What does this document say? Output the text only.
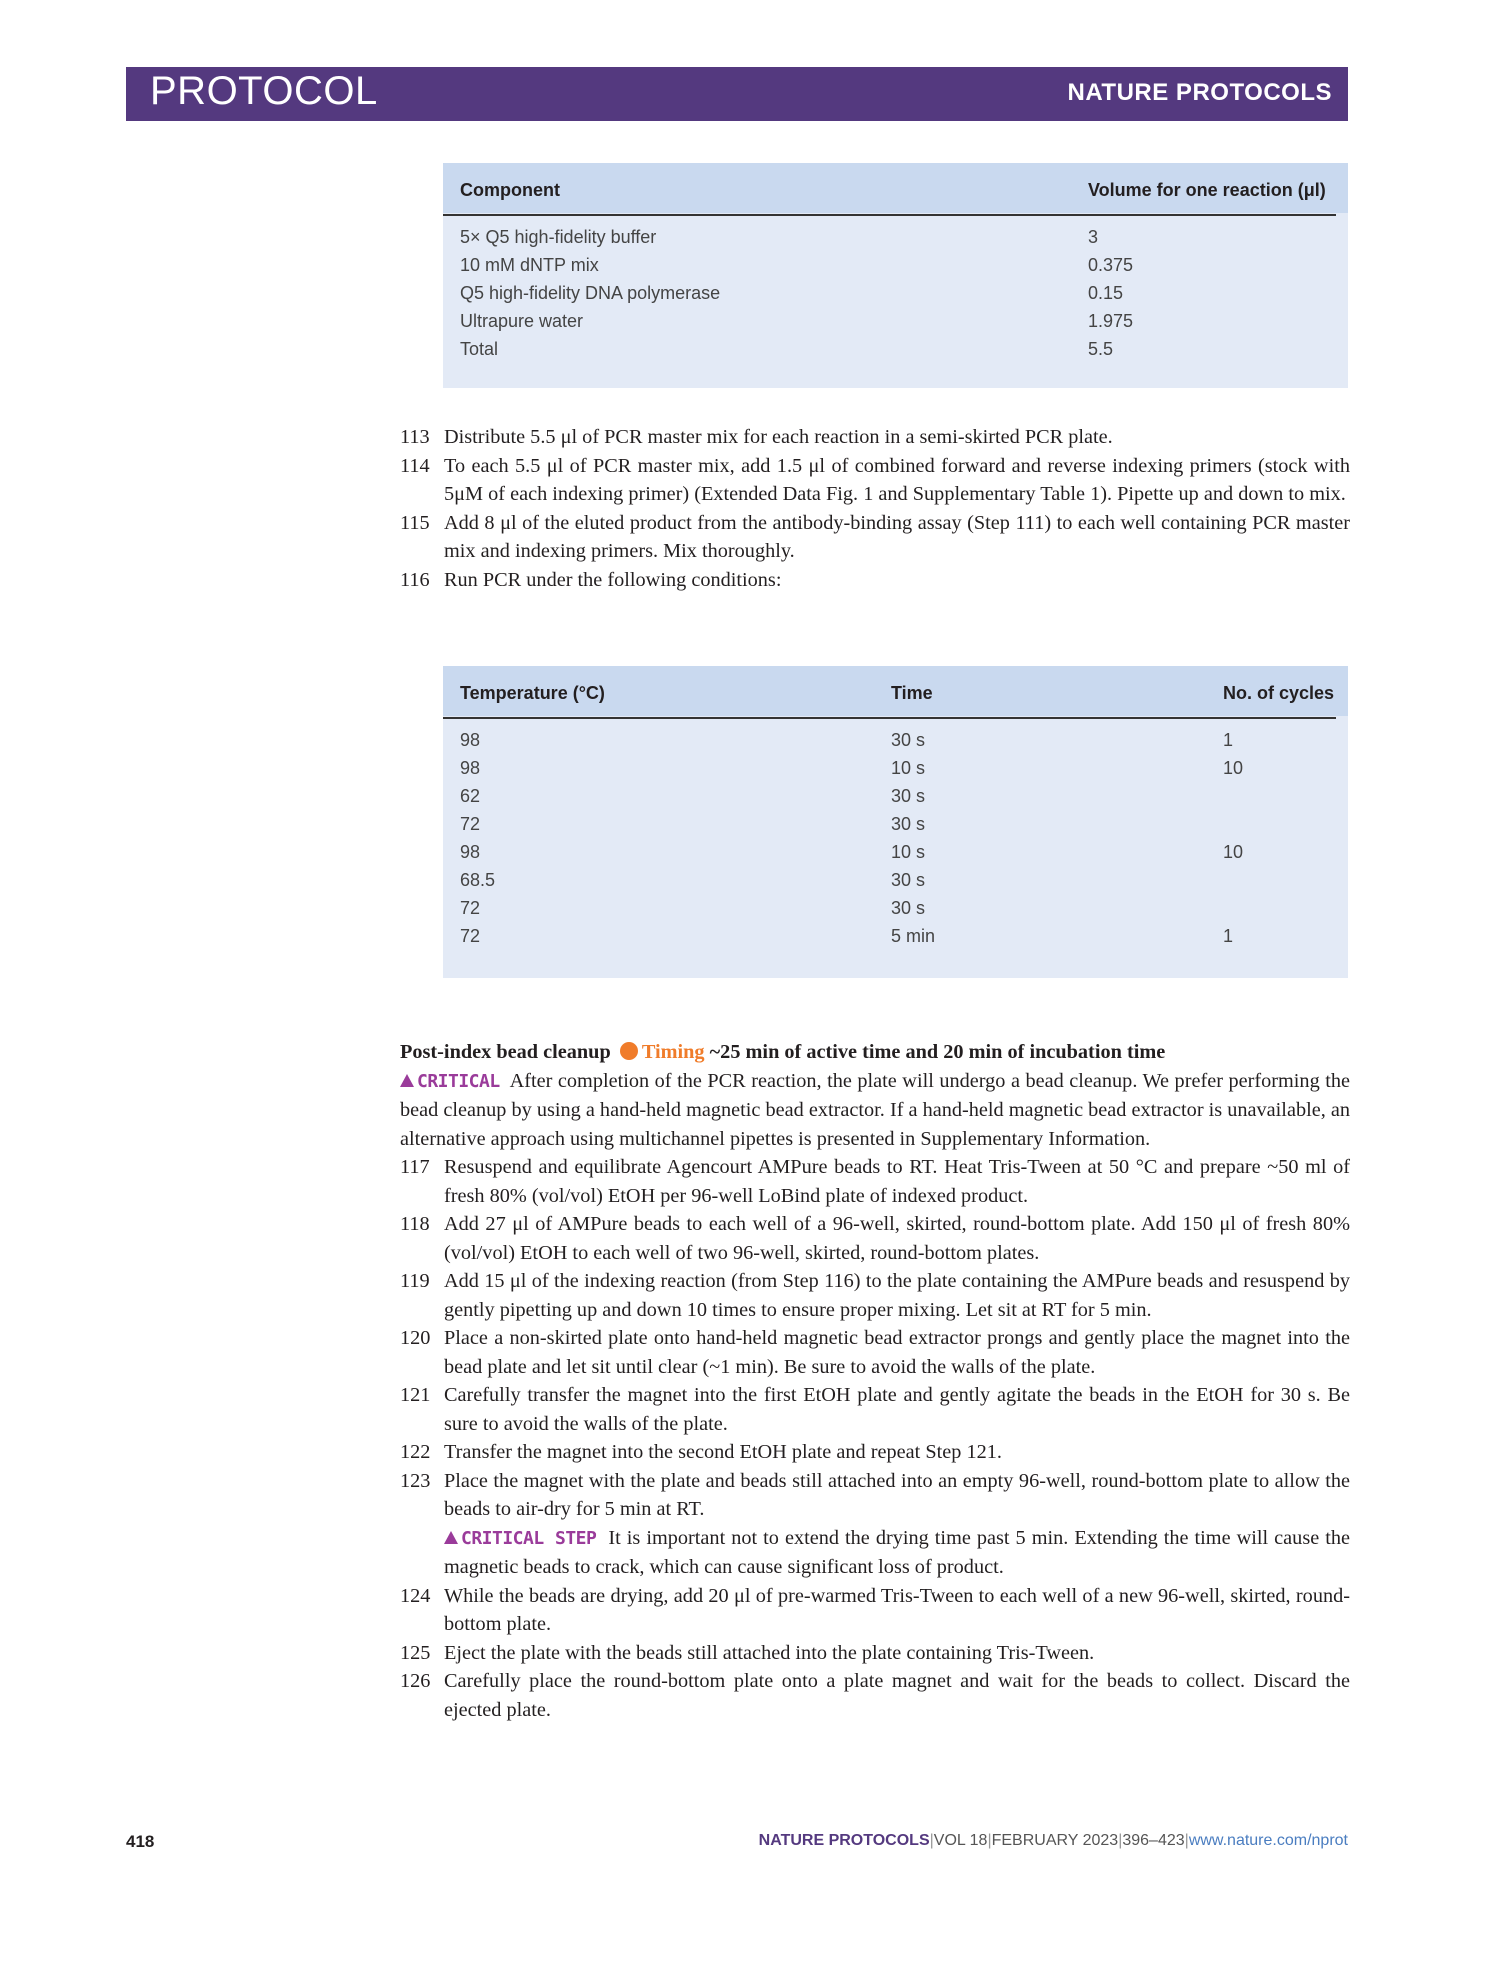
PROTOCOL	NATURE PROTOCOLS
Component	Volume for one reaction (μl)
5× Q5 high-fidelity buffer	3
10 mM dNTP mix	0.375
Q5 high-fidelity DNA polymerase	0.15
Ultrapure water	1.975
Total	5.5
113 Distribute 5.5 μl of PCR master mix for each reaction in a semi-skirted PCR plate.
114 To each 5.5 μl of PCR master mix, add 1.5 μl of combined forward and reverse indexing primers (stock with 5μM of each indexing primer) (Extended Data Fig. 1 and Supplementary Table 1). Pipette up and down to mix.
115 Add 8 μl of the eluted product from the antibody-binding assay (Step 111) to each well containing PCR master mix and indexing primers. Mix thoroughly.
116 Run PCR under the following conditions:
Temperature (°C)	Time	No. of cycles
98	30 s	1
98	10 s	10
62	30 s
72	30 s
98	10 s	10
68.5	30 s
72	30 s
72	5 min	1
Post-index bead cleanup Timing ~25 min of active time and 20 min of incubation time
CRITICAL After completion of the PCR reaction, the plate will undergo a bead cleanup. We prefer performing the bead cleanup by using a hand-held magnetic bead extractor. If a hand-held magnetic bead extractor is unavailable, an alternative approach using multichannel pipettes is presented in Supplementary Information.
117 Resuspend and equilibrate Agencourt AMPure beads to RT. Heat Tris-Tween at 50 °C and prepare ~50 ml of fresh 80% (vol/vol) EtOH per 96-well LoBind plate of indexed product.
118 Add 27 μl of AMPure beads to each well of a 96-well, skirted, round-bottom plate. Add 150 μl of fresh 80% (vol/vol) EtOH to each well of two 96-well, skirted, round-bottom plates.
119 Add 15 μl of the indexing reaction (from Step 116) to the plate containing the AMPure beads and resuspend by gently pipetting up and down 10 times to ensure proper mixing. Let sit at RT for 5 min.
120 Place a non-skirted plate onto hand-held magnetic bead extractor prongs and gently place the magnet into the bead plate and let sit until clear (~1 min). Be sure to avoid the walls of the plate.
121 Carefully transfer the magnet into the first EtOH plate and gently agitate the beads in the EtOH for 30 s. Be sure to avoid the walls of the plate.
122 Transfer the magnet into the second EtOH plate and repeat Step 121.
123 Place the magnet with the plate and beads still attached into an empty 96-well, round-bottom plate to allow the beads to air-dry for 5 min at RT.
CRITICAL STEP It is important not to extend the drying time past 5 min. Extending the time will cause the magnetic beads to crack, which can cause significant loss of product.
124 While the beads are drying, add 20 μl of pre-warmed Tris-Tween to each well of a new 96-well, skirted, round-bottom plate.
125 Eject the plate with the beads still attached into the plate containing Tris-Tween.
126 Carefully place the round-bottom plate onto a plate magnet and wait for the beads to collect. Discard the ejected plate.
418	NATURE PROTOCOLS|VOL 18|FEBRUARY 2023|396–423|www.nature.com/nprot
